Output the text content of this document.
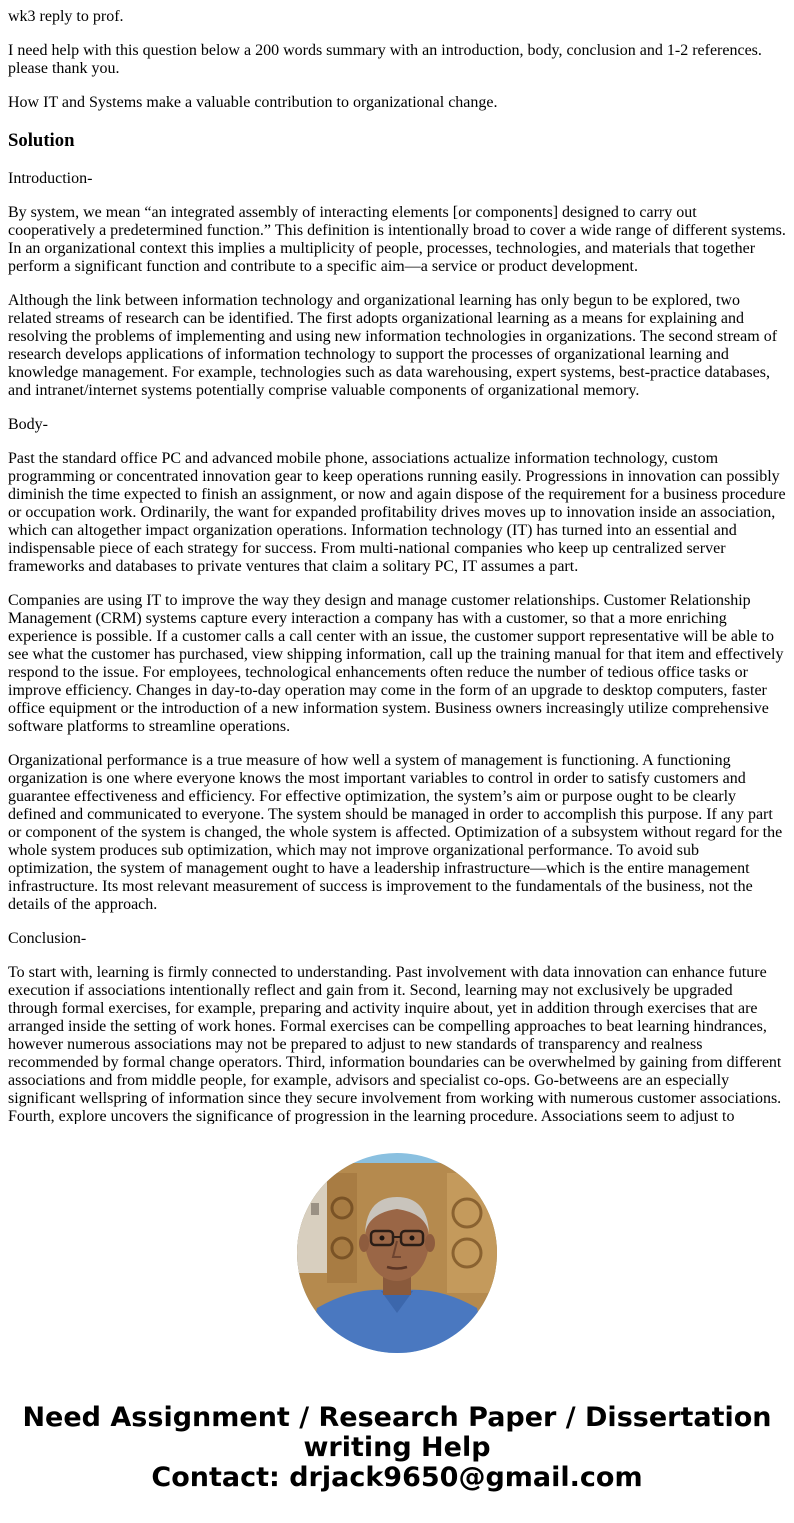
wk3 reply to prof.

I need help with this question below a 200 words summary with an introduction, body, conclusion and 1-2 references. please thank you.

How IT and Systems make a valuable contribution to organizational change.

Solution

Introduction-

By system, we mean “an integrated assembly of interacting elements [or components] designed to carry out cooperatively a predetermined function.” This definition is intentionally broad to cover a wide range of different systems. In an organizational context this implies a multiplicity of people, processes, technologies, and materials that together perform a significant function and contribute to a specific aim—a service or product development.

Although the link between information technology and organizational learning has only begun to be explored, two related streams of research can be identified. The first adopts organizational learning as a means for explaining and resolving the problems of implementing and using new information technologies in organizations. The second stream of research develops applications of information technology to support the processes of organizational learning and knowledge management. For example, technologies such as data warehousing, expert systems, best-practice databases, and intranet/internet systems potentially comprise valuable components of organizational memory.

Body-

Past the standard office PC and advanced mobile phone, associations actualize information technology, custom programming or concentrated innovation gear to keep operations running easily. Progressions in innovation can possibly diminish the time expected to finish an assignment, or now and again dispose of the requirement for a business procedure or occupation work. Ordinarily, the want for expanded profitability drives moves up to innovation inside an association, which can altogether impact organization operations. Information technology (IT) has turned into an essential and indispensable piece of each strategy for success. From multi-national companies who keep up centralized server frameworks and databases to private ventures that claim a solitary PC, IT assumes a part.

Companies are using IT to improve the way they design and manage customer relationships. Customer Relationship Management (CRM) systems capture every interaction a company has with a customer, so that a more enriching experience is possible. If a customer calls a call center with an issue, the customer support representative will be able to see what the customer has purchased, view shipping information, call up the training manual for that item and effectively respond to the issue. For employees, technological enhancements often reduce the number of tedious office tasks or improve efficiency. Changes in day-to-day operation may come in the form of an upgrade to desktop computers, faster office equipment or the introduction of a new information system. Business owners increasingly utilize comprehensive software platforms to streamline operations.

Organizational performance is a true measure of how well a system of management is functioning. A functioning organization is one where everyone knows the most important variables to control in order to satisfy customers and guarantee effectiveness and efficiency. For effective optimization, the system’s aim or purpose ought to be clearly defined and communicated to everyone. The system should be managed in order to accomplish this purpose. If any part or component of the system is changed, the whole system is affected. Optimization of a subsystem without regard for the whole system produces sub optimization, which may not improve organizational performance. To avoid sub optimization, the system of management ought to have a leadership infrastructure—which is the entire management infrastructure. Its most relevant measurement of success is improvement to the fundamentals of the business, not the details of the approach.

Conclusion-

To start with, learning is firmly connected to understanding. Past involvement with data innovation can enhance future execution if associations intentionally reflect and gain from it. Second, learning may not exclusively be upgraded through formal exercises, for example, preparing and activity inquire about, yet in addition through exercises that are arranged inside the setting of work hones. Formal exercises can be compelling approaches to beat learning hindrances, however numerous associations may not be prepared to adjust to new standards of transparency and realness recommended by formal change operators. Third, information boundaries can be overwhelmed by gaining from different associations and from middle people, for example, advisors and specialist co-ops. Go-betweens are an especially significant wellspring of information since they secure involvement from working with numerous customer associations. Fourth, explore uncovers the significance of progression in the learning procedure. Associations seem to adjust to

Need Assignment / Research Paper / Dissertation
writing Help
Contact: drjack9650@gmail.com
